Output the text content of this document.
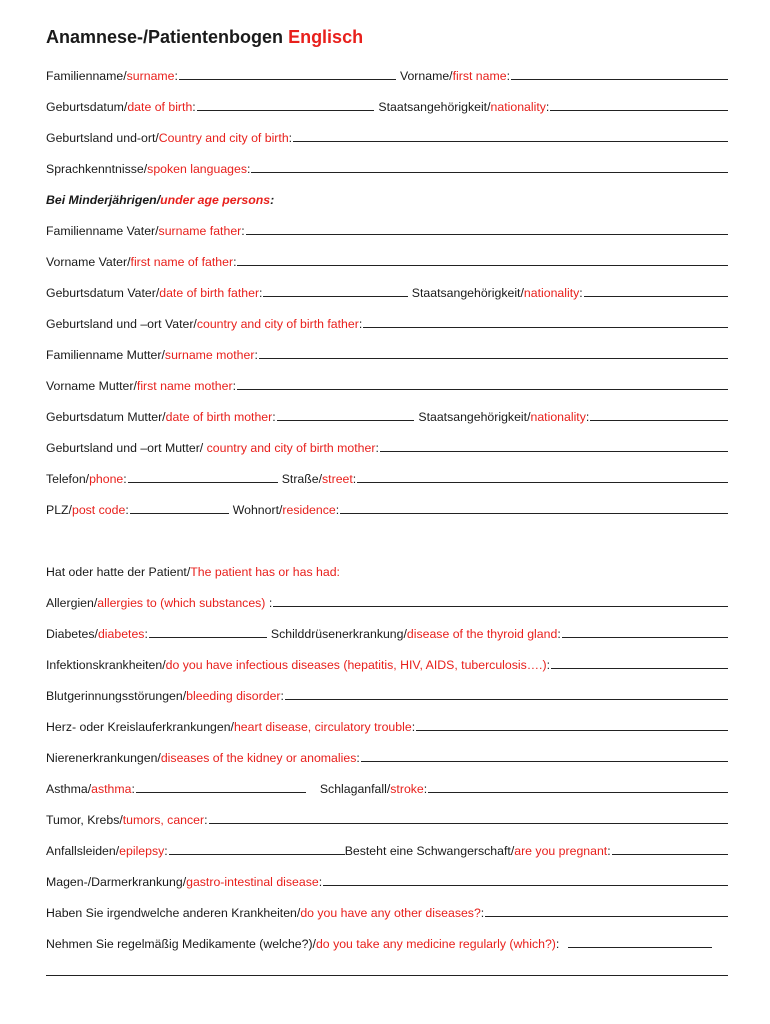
Anamnese-/Patientenbogen Englisch
Familienname/surname:	Vorname/first name:
Geburtsdatum/date of birth:	Staatsangehörigkeit/nationality:
Geburtsland und-ort/Country and city of birth:
Sprachkenntnisse/spoken languages:
Bei Minderjährigen/under age persons:
Familienname Vater/surname father:
Vorname Vater/first name of father:
Geburtsdatum Vater/date of birth father:	Staatsangehörigkeit/nationality:
Geburtsland und –ort Vater/country and city of birth father:
Familienname Mutter/surname mother:
Vorname Mutter/first name mother:
Geburtsdatum Mutter/date of birth mother:	Staatsangehörigkeit/nationality:
Geburtsland und –ort Mutter/ country and city of birth mother:
Telefon/phone:	Straße/street:
PLZ/post code:	Wohnort/residence:
Hat oder hatte der Patient/The patient has or has had:
Allergien/allergies to (which substances) :
Diabetes/diabetes:	Schilddrüsenerkrankung/disease of the thyroid gland:
Infektionskrankheiten/do you have infectious diseases (hepatitis, HIV, AIDS, tuberculosis….):
Blutgerinnungsstörungen/bleeding disorder:
Herz- oder Kreislauferkrankungen/heart disease, circulatory trouble:
Nierenerkrankungen/diseases of the kidney or anomalies:
Asthma/asthma:	Schlaganfall/stroke:
Tumor, Krebs/tumors, cancer:
Anfallsleiden/epilepsy:	Besteht eine Schwangerschaft/are you pregnant:
Magen-/Darmerkrankung/gastro-intestinal disease:
Haben Sie irgendwelche anderen Krankheiten/do you have any other diseases?:
Nehmen Sie regelmäßig Medikamente (welche?)/do you take any medicine regularly (which?):
